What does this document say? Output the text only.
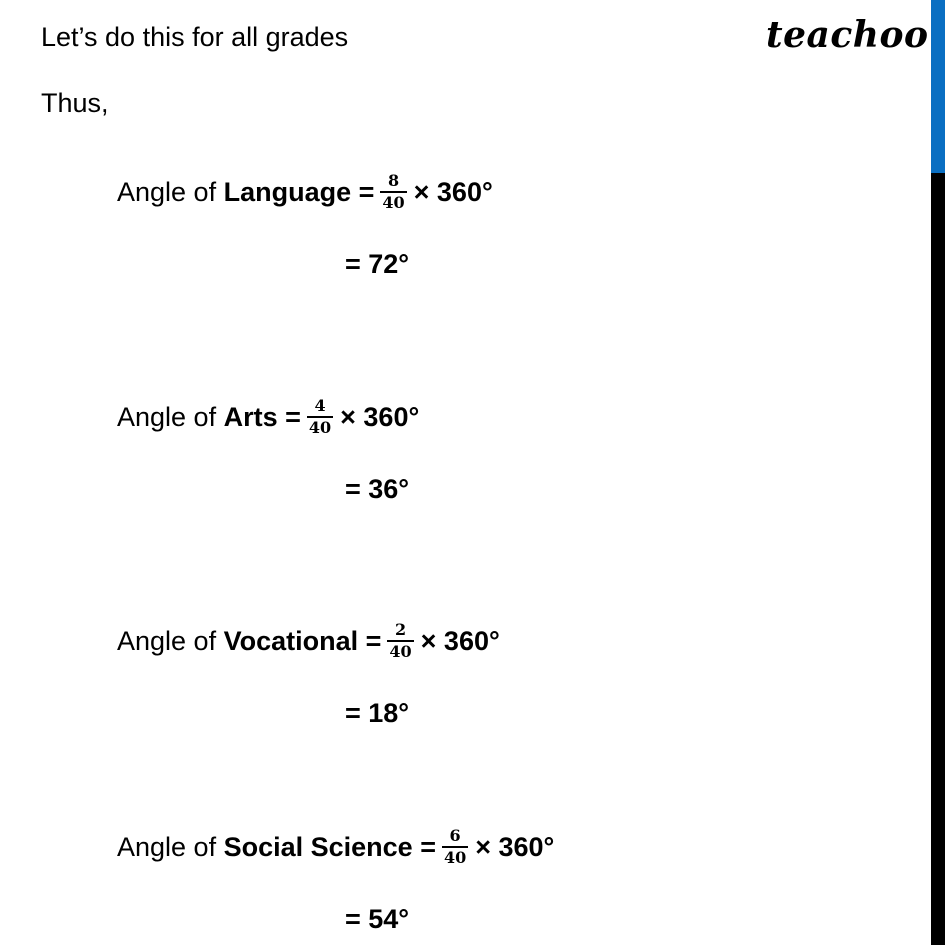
teachoo
Let’s do this for all grades
Thus,
Angle of Language = $\frac{8}{40} \times 360^\circ$
= 72°
Angle of Arts = $\frac{4}{40} \times 360^\circ$
= 36°
Angle of Vocational = $\frac{2}{40} \times 360^\circ$
= 18°
Angle of Social Science = $\frac{6}{40} \times 360^\circ$
= 54°
